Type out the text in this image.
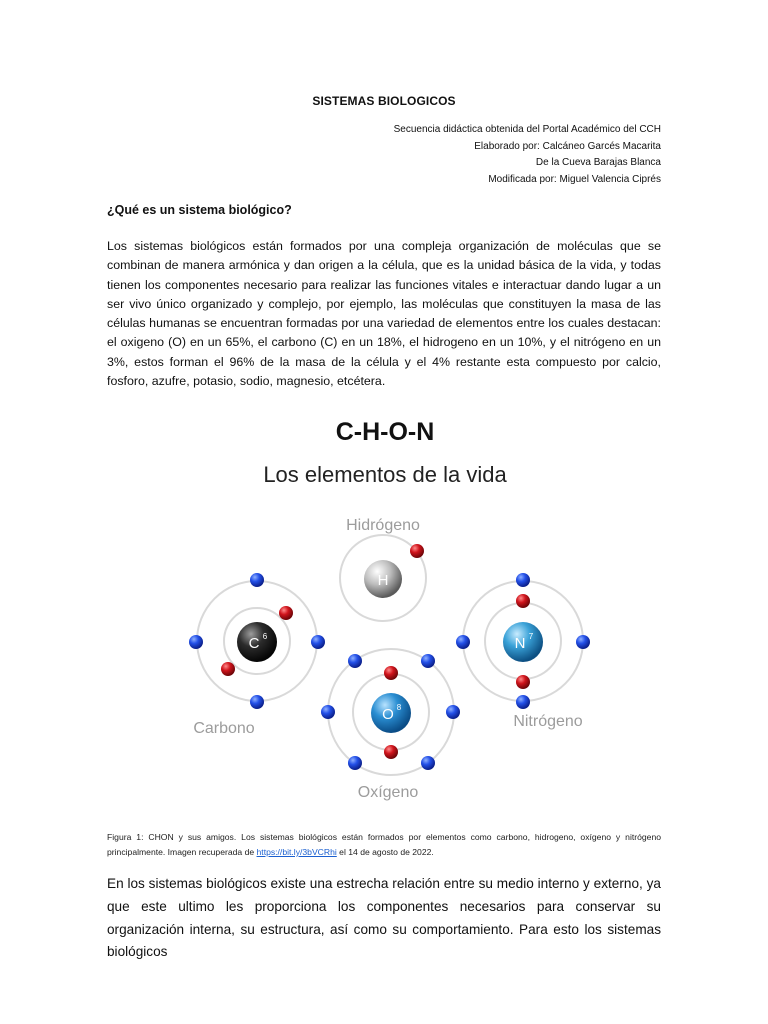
SISTEMAS BIOLOGICOS
Secuencia didáctica obtenida del Portal Académico del CCH
Elaborado por: Calcáneo Garcés Macarita
De la Cueva Barajas Blanca
Modificada por: Miguel Valencia Ciprés
¿Qué es un sistema biológico?
Los sistemas biológicos están formados por una compleja organización de moléculas que se combinan de manera armónica y dan origen a la célula, que es la unidad básica de la vida, y todas tienen los componentes necesario para realizar las funciones vitales e interactuar dando lugar a un ser vivo único organizado y complejo, por ejemplo, las moléculas que constituyen la masa de las células humanas se encuentran formadas por una variedad de elementos entre los cuales destacan: el oxigeno (O) en un 65%, el carbono (C) en un 18%, el hidrogeno en un 10%, y el nitrógeno en un 3%, estos forman el 96% de la masa de la célula y el 4% restante esta compuesto por calcio, fosforo, azufre, potasio, sodio, magnesio, etcétera.
C-H-O-N
Los elementos de la vida
H
Hidrógeno
C 6
Carbono
N 7
Nitrógeno
O 8
Oxígeno
Figura 1: CHON y sus amigos. Los sistemas biológicos están formados por elementos como carbono, hidrogeno, oxígeno y nitrógeno principalmente. Imagen recuperada de https://bit.ly/3bVCRhi el 14 de agosto de 2022.
En los sistemas biológicos existe una estrecha relación entre su medio interno y externo, ya que este ultimo les proporciona los componentes necesarios para conservar su organización interna, su estructura, así como su comportamiento. Para esto los sistemas biológicos
